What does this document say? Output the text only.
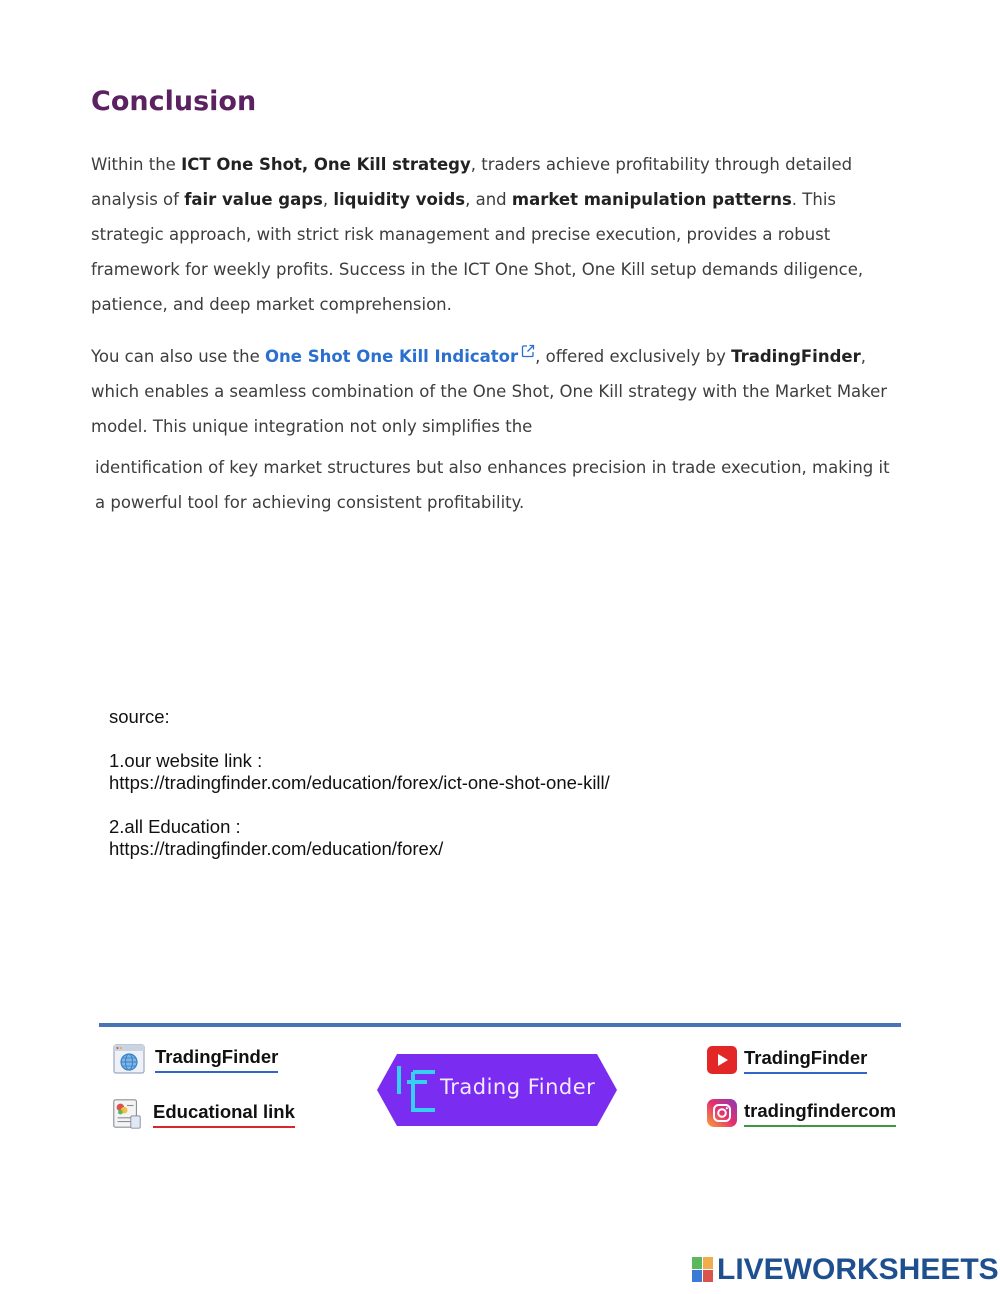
Conclusion

Within the ICT One Shot, One Kill strategy, traders achieve profitability through detailed analysis of fair value gaps, liquidity voids, and market manipulation patterns. This strategic approach, with strict risk management and precise execution, provides a robust framework for weekly profits. Success in the ICT One Shot, One Kill setup demands diligence, patience, and deep market comprehension.

You can also use the One Shot One Kill Indicator , offered exclusively by TradingFinder, which enables a seamless combination of the One Shot, One Kill strategy with the Market Maker model. This unique integration not only simplifies the

identification of key market structures but also enhances precision in trade execution, making it a powerful tool for achieving consistent profitability.

source:
1.our website link :
https://tradingfinder.com/education/forex/ict-one-shot-one-kill/
2.all Education :
https://tradingfinder.com/education/forex/
TradingFinder
Educational link
Trading Finder
TradingFinder
tradingfindercom
LIVEWORKSHEETS
